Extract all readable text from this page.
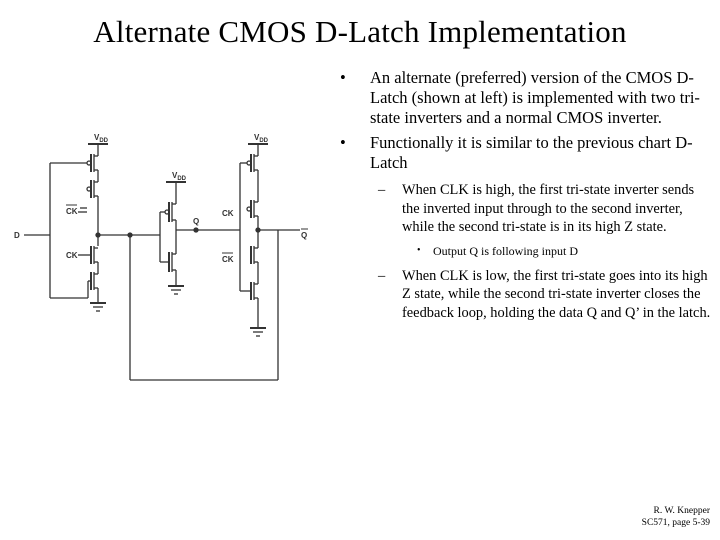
Alternate CMOS D-Latch Implementation
$V_{DD}$
$V_{DD}$
$V_{DD}$
CK
CK
CK
CK
D
Q
Q
• An alternate (preferred) version of the CMOS D-Latch (shown at left) is implemented with two tri-state inverters and a normal CMOS inverter.
• Functionally it is similar to the previous chart D-Latch
– When CLK is high, the first tri-state inverter sends the inverted input through to the second inverter, while the second tri-state is in its high Z state.
• Output Q is following input D
– When CLK is low, the first tri-state goes into its high Z state, while the second tri-state inverter closes the feedback loop, holding the data Q and Q’ in the latch.
R. W. Knepper
SC571, page 5-39
